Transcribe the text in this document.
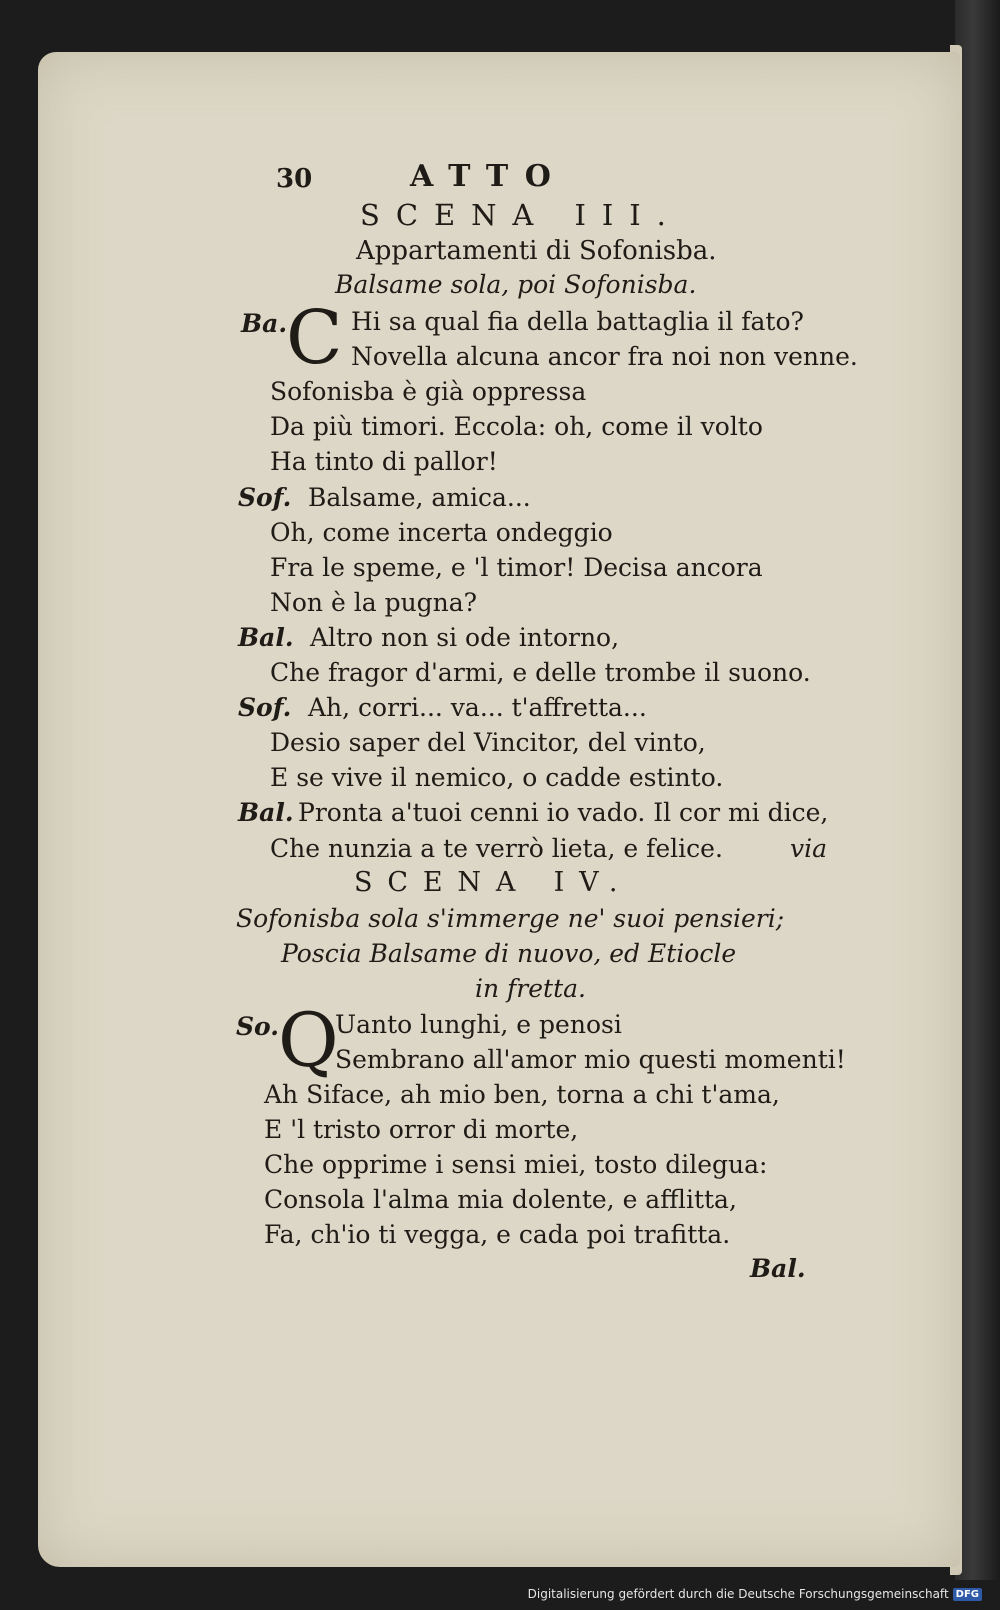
30	ATTO
SCENA III.
Appartamenti di Sofonisba.
Balsame sola, poi Sofonisba.
Ba.
C Hi sa qual fia della battaglia il fato?
Novella alcuna ancor fra noi non venne.
Sofonisba è già oppressa
Da più timori. Eccola: oh, come il volto
Ha tinto di pallor!
Sof. Balsame, amica...
Oh, come incerta ondeggio
Fra le speme, e 'l timor! Decisa ancora
Non è la pugna?
Bal. Altro non si ode intorno,
Che fragor d'armi, e delle trombe il suono.
Sof. Ah, corri... va... t'affretta...
Desio saper del Vincitor, del vinto,
E se vive il nemico, o cadde estinto.
Bal. Pronta a'tuoi cenni io vado. Il cor mi dice,
Che nunzia a te verrò lieta, e felice.	via
SCENA IV.
Sofonisba sola s'immerge ne' suoi pensieri;
Poscia Balsame di nuovo, ed Etiocle
in fretta.
So. Q
Uanto lunghi, e penosi
Sembrano all'amor mio questi momenti!
Ah Siface, ah mio ben, torna a chi t'ama,
E 'l tristo orror di morte,
Che opprime i sensi miei, tosto dilegua:
Consola l'alma mia dolente, e afflitta,
Fa, ch'io ti vegga, e cada poi trafitta.
Bal.
Digitalisierung gefördert durch die Deutsche Forschungsgemeinschaft DFG
